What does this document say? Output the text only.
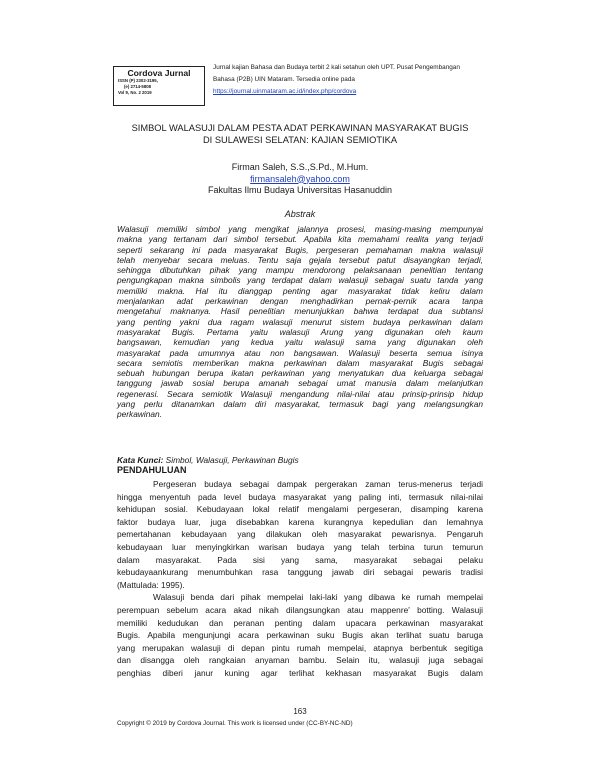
Cordova Jurnal
ISSN (P) 2302-3195,
(e) 2714-5808
Vol 9, No. 2 2019
Jurnal kajian Bahasa dan Budaya terbit 2 kali setahun oleh UPT. Pusat Pengembangan
Bahasa (P2B) UIN Mataram. Tersedia online pada
https://journal.uinmataram.ac.id/index.php/cordova
SIMBOL WALASUJI DALAM PESTA ADAT PERKAWINAN MASYARAKAT BUGIS
DI SULAWESI SELATAN: KAJIAN SEMIOTIKA
Firman Saleh, S.S.,S.Pd., M.Hum.
firmansaleh@yahoo.com
Fakultas Ilmu Budaya Universitas Hasanuddin
Abstrak
Walasuji memiliki simbol yang mengikat jalannya prosesi, masing-masing mempunyai
makna yang tertanam dari simbol tersebut. Apabila kita memahami realita yang terjadi
seperti sekarang ini pada masyarakat Bugis, pergeseran pemahaman makna walasuji
telah menyebar secara meluas. Tentu saja gejala tersebut patut disayangkan terjadi,
sehingga dibutuhkan pihak yang mampu mendorong pelaksanaan penelitian tentang
pengungkapan makna simbolis yang terdapat dalam walasuji sebagai suatu tanda yang
memiliki makna. Hal itu dianggap penting agar masyarakat tidak keliru dalam
menjalankan adat perkawinan dengan menghadirkan pernak-pernik acara tanpa
mengetahui maknanya. Hasil penelitian menunjukkan bahwa terdapat dua subtansi
yang penting yakni dua ragam walasuji menurut sistem budaya perkawinan dalam
masyarakat Bugis. Pertama yaitu walasuji Arung yang digunakan oleh kaum
bangsawan, kemudian yang kedua yaitu walasuji sama yang digunakan oleh
masyarakat pada umumnya atau non bangsawan. Walasuji beserta semua isinya
secara semiotis memberikan makna perkawinan dalam masyarakat Bugis sebagai
sebuah hubungan berupa ikatan perkawinan yang menyatukan dua keluarga sebagai
tanggung jawab sosial berupa amanah sebagai umat manusia dalam melanjutkan
regenerasi. Secara semiotik Walasuji mengandung nilai-nilai atau prinsip-prinsip hidup
yang perlu ditanamkan dalam diri masyarakat, termasuk bagi yang melangsungkan
perkawinan.
Kata Kunci: Simbol, Walasuji, Perkawinan Bugis
PENDAHULUAN
Pergeseran budaya sebagai dampak pergerakan zaman terus-menerus terjadi
hingga menyentuh pada level budaya masyarakat yang paling inti, termasuk nilai-nilai
kehidupan sosial. Kebudayaan lokal relatif mengalami pergeseran, disamping karena
faktor budaya luar, juga disebabkan karena kurangnya kepedulian dan lemahnya
pemertahanan kebudayaan yang dilakukan oleh masyarakat pewarisnya. Pengaruh
kebudayaan luar menyingkirkan warisan budaya yang telah terbina turun temurun
dalam masyarakat. Pada sisi yang sama, masyarakat sebagai pelaku
kebudayaankurang menumbuhkan rasa tanggung jawab diri sebagai pewaris tradisi
(Mattulada: 1995).
Walasuji benda dari pihak mempelai laki-laki yang dibawa ke rumah mempelai
perempuan sebelum acara akad nikah dilangsungkan atau mappenre' botting. Walasuji
memiliki kedudukan dan peranan penting dalam upacara perkawinan masyarakat
Bugis. Apabila mengunjungi acara perkawinan suku Bugis akan terlihat suatu baruga
yang merupakan walasuji di depan pintu rumah mempelai, atapnya berbentuk segitiga
dan disangga oleh rangkaian anyaman bambu. Selain itu, walasuji juga sebagai
penghias diberi janur kuning agar terlihat kekhasan masyarakat Bugis dalam
163
Copyright © 2019 by Cordova Journal. This work is licensed under (CC-BY-NC-ND)
